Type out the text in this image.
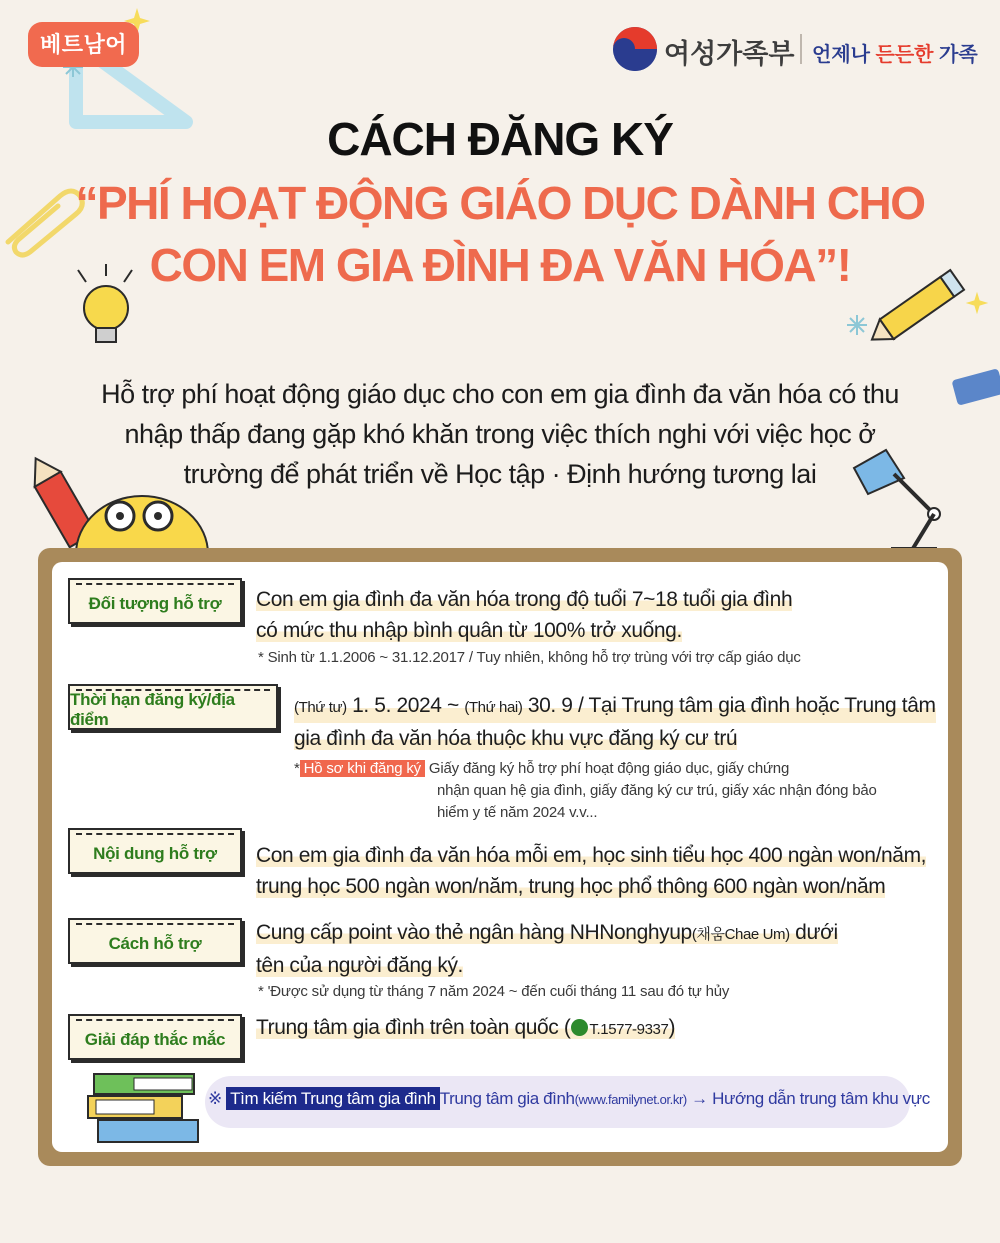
베트남어	여성가족부 언제나 든든한 가족
CÁCH ĐĂNG KÝ
“PHÍ HOẠT ĐỘNG GIÁO DỤC DÀNH CHO
CON EM GIA ĐÌNH ĐA VĂN HÓA”!
Hỗ trợ phí hoạt động giáo dục cho con em gia đình đa văn hóa có thu
nhập thấp đang gặp khó khăn trong việc thích nghi với việc học ở
trường để phát triển về Học tập · Định hướng tương lai
Đối tượng hỗ trợ Con em gia đình đa văn hóa trong độ tuổi 7~18 tuổi gia đình
có mức thu nhập bình quân từ 100% trở xuống.
* Sinh từ 1.1.2006 ~ 31.12.2017 / Tuy nhiên, không hỗ trợ trùng với trợ cấp giáo dục
Thời hạn đăng ký/địa điểm
(Thứ tư) 1. 5. 2024 ~ (Thứ hai) 30. 9 / Tại Trung tâm gia đình hoặc Trung tâm
gia đình đa văn hóa thuộc khu vực đăng ký cư trú
* Hồ sơ khi đăng ký Giấy đăng ký hỗ trợ phí hoạt động giáo dục, giấy chứng
nhận quan hệ gia đình, giấy đăng ký cư trú, giấy xác nhận đóng bảo
hiểm y tế năm 2024 v.v...
Nội dung hỗ trợ Con em gia đình đa văn hóa mỗi em, học sinh tiểu học 400 ngàn won/năm,
trung học 500 ngàn won/năm, trung học phổ thông 600 ngàn won/năm
Cách hỗ trợ	Cung cấp point vào thẻ ngân hàng NHNonghyup(채움Chae Um) dưới
tên của người đăng ký.
* 'Được sử dụng từ tháng 7 năm 2024 ~ đến cuối tháng 11 sau đó tự hủy
Giải đáp thắc mắc
Trung tâm gia đình trên toàn quốc ( T.1577-9337)
※ Tìm kiếm Trung tâm gia đình Trung tâm gia đình(www.familynet.or.kr) → Hướng dẫn trung tâm khu vực
